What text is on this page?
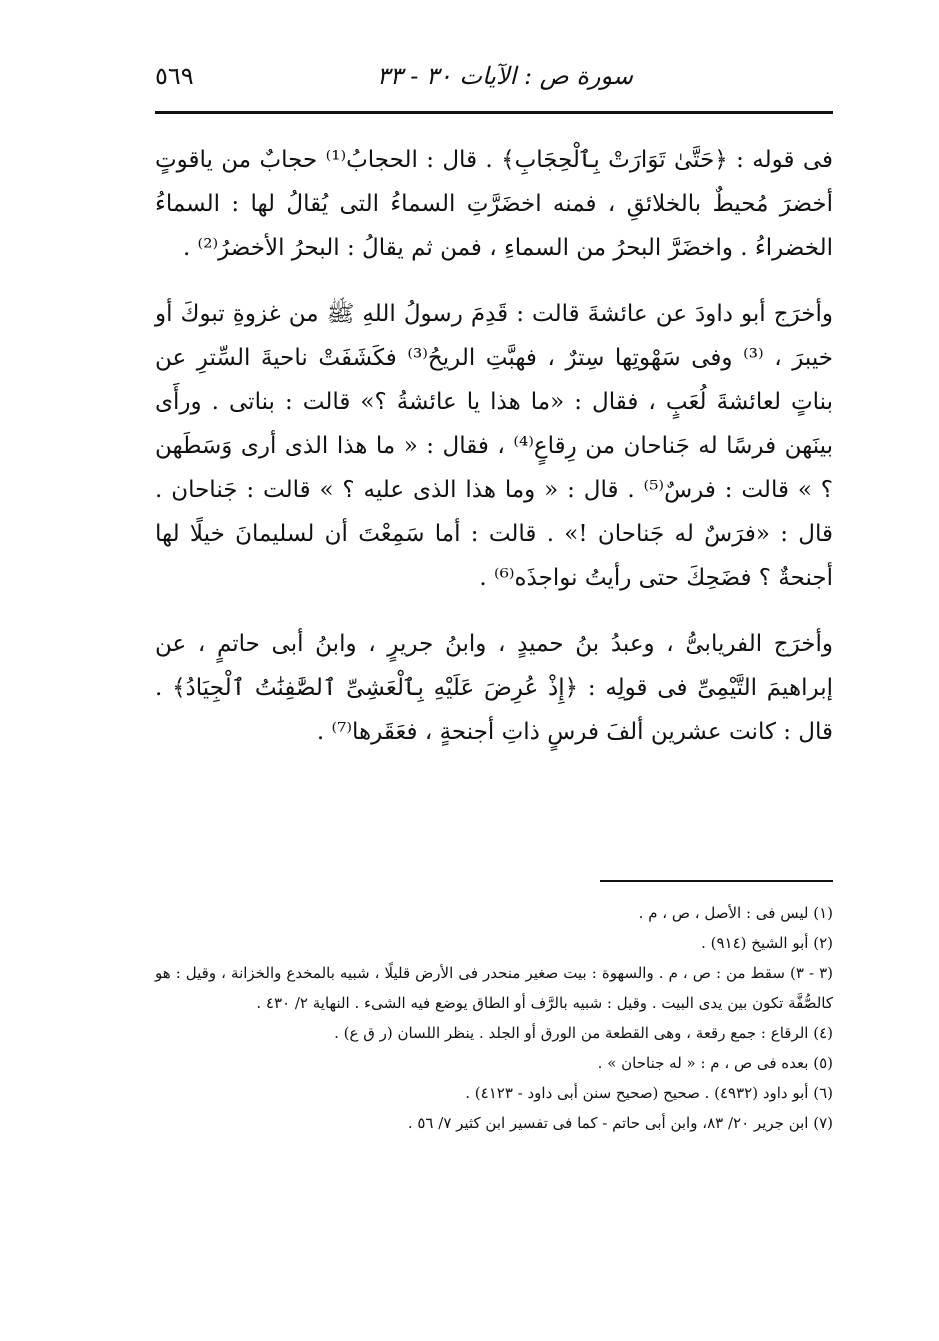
سورة ص : الآيات ٣٠ - ٣٣
٥٦٩

فى قوله : ﴿حَتَّىٰ تَوَارَتْ بِٱلْحِجَابِ﴾ . قال : الحجابُ⁽¹⁾ حجابٌ من ياقوتٍ أخضرَ مُحيطٌ بالخلائقِ ، فمنه اخضَرَّتِ السماءُ التى يُقالُ لها : السماءُ الخضراءُ . واخضَرَّ البحرُ من السماءِ ، فمن ثم يقالُ : البحرُ الأخضرُ⁽²⁾ .

وأخرَج أبو داودَ عن عائشةَ قالت : قَدِمَ رسولُ اللهِ ﷺ من غزوةِ تبوكَ أو خيبرَ ، ⁽³⁾ وفى سَهْوتِها سِترٌ ، فهبَّتِ الريحُ⁽³⁾ فكَشَفَتْ ناحيةَ السِّترِ عن بناتٍ لعائشةَ لُعَبٍ ، فقال : «ما هذا يا عائشةُ ؟» قالت : بناتى . ورأَى بينَهن فرسًا له جَناحان من رِقاعٍ⁽⁴⁾ ، فقال : « ما هذا الذى أرى وَسَطَهن ؟ » قالت : فرسٌ⁽⁵⁾ . قال : « وما هذا الذى عليه ؟ » قالت : جَناحان . قال : «فرَسٌ له جَناحان !» . قالت : أما سَمِعْتَ أن لسليمانَ خيلًا لها أجنحةٌ ؟ فضَحِكَ حتى رأيتُ نواجذَه⁽⁶⁾ .

وأخرَج الفريابىُّ ، وعبدُ بنُ حميدٍ ، وابنُ جريرٍ ، وابنُ أبى حاتمٍ ، عن إبراهيمَ التَّيْمِىِّ فى قولِه : ﴿إِذْ عُرِضَ عَلَيْهِ بِٱلْعَشِىِّ ٱلصَّٰفِنَٰتُ ٱلْجِيَادُ﴾ . قال : كانت عشرين ألفَ فرسٍ ذاتِ أجنحةٍ ، فعَقَرها⁽⁷⁾ .

(١) ليس فى : الأصل ، ص ، م .

(٢) أبو الشيخ (٩١٤) .

(٣ - ٣) سقط من : ص ، م . والسهوة : بيت صغير منحدر فى الأرض قليلًا ، شبيه بالمخدع والخزانة ، وقيل : هو كالصُّفَّة تكون بين يدى البيت . وقيل : شبيه بالرَّف أو الطاق يوضع فيه الشىء . النهاية ٢/ ٤٣٠ .

(٤) الرقاع : جمع رقعة ، وهى القطعة من الورق أو الجلد . ينظر اللسان (ر ق ع) .

(٥) بعده فى ص ، م : « له جناحان » .

(٦) أبو داود (٤٩٣٢) . صحيح (صحيح سنن أبى داود - ٤١٢٣) .

(٧) ابن جرير ٢٠/ ٨٣، وابن أبى حاتم - كما فى تفسير ابن كثير ٧/ ٥٦ .
